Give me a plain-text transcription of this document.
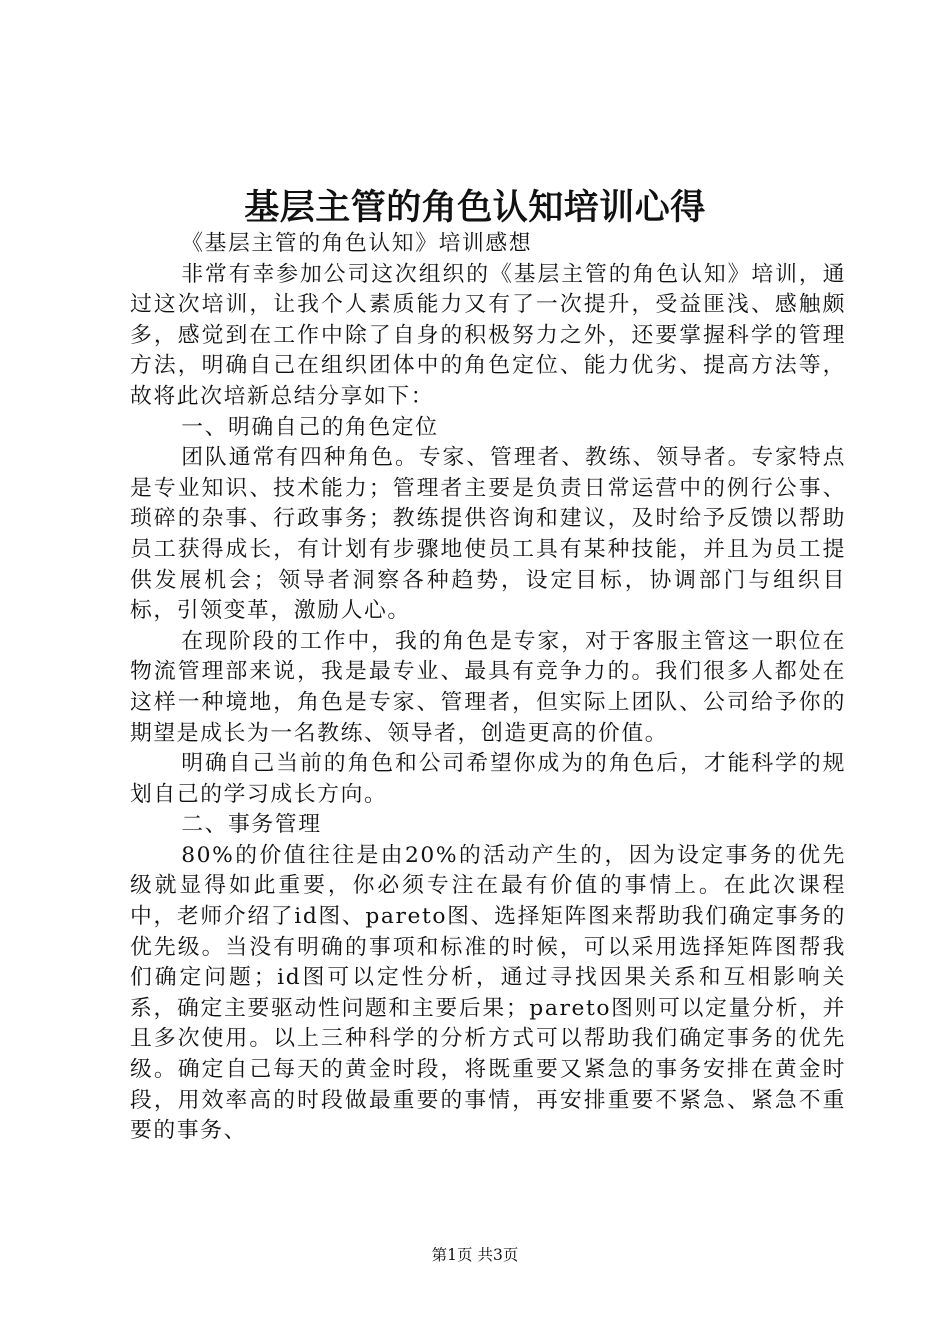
基层主管的角色认知培训心得

《基层主管的角色认知》培训感想

非常有幸参加公司这次组织的《基层主管的角色认知》培训，通过这次培训，让我个人素质能力又有了一次提升，受益匪浅、感触颇多，感觉到在工作中除了自身的积极努力之外，还要掌握科学的管理方法，明确自己在组织团体中的角色定位、能力优劣、提高方法等，故将此次培新总结分享如下：

一、明确自己的角色定位

团队通常有四种角色。专家、管理者、教练、领导者。专家特点是专业知识、技术能力；管理者主要是负责日常运营中的例行公事、琐碎的杂事、行政事务；教练提供咨询和建议，及时给予反馈以帮助员工获得成长，有计划有步骤地使员工具有某种技能，并且为员工提供发展机会；领导者洞察各种趋势，设定目标，协调部门与组织目标，引领变革，激励人心。

在现阶段的工作中，我的角色是专家，对于客服主管这一职位在物流管理部来说，我是最专业、最具有竞争力的。我们很多人都处在这样一种境地，角色是专家、管理者，但实际上团队、公司给予你的期望是成长为一名教练、领导者，创造更高的价值。

明确自己当前的角色和公司希望你成为的角色后，才能科学的规划自己的学习成长方向。

二、事务管理

80%的价值往往是由20%的活动产生的，因为设定事务的优先级就显得如此重要，你必须专注在最有价值的事情上。在此次课程中，老师介绍了id图、pareto图、选择矩阵图来帮助我们确定事务的优先级。当没有明确的事项和标准的时候，可以采用选择矩阵图帮我们确定问题；id图可以定性分析，通过寻找因果关系和互相影响关系，确定主要驱动性问题和主要后果；pareto图则可以定量分析，并且多次使用。以上三种科学的分析方式可以帮助我们确定事务的优先级。确定自己每天的黄金时段，将既重要又紧急的事务安排在黄金时段，用效率高的时段做最重要的事情，再安排重要不紧急、紧急不重要的事务、

第1页 共3页
